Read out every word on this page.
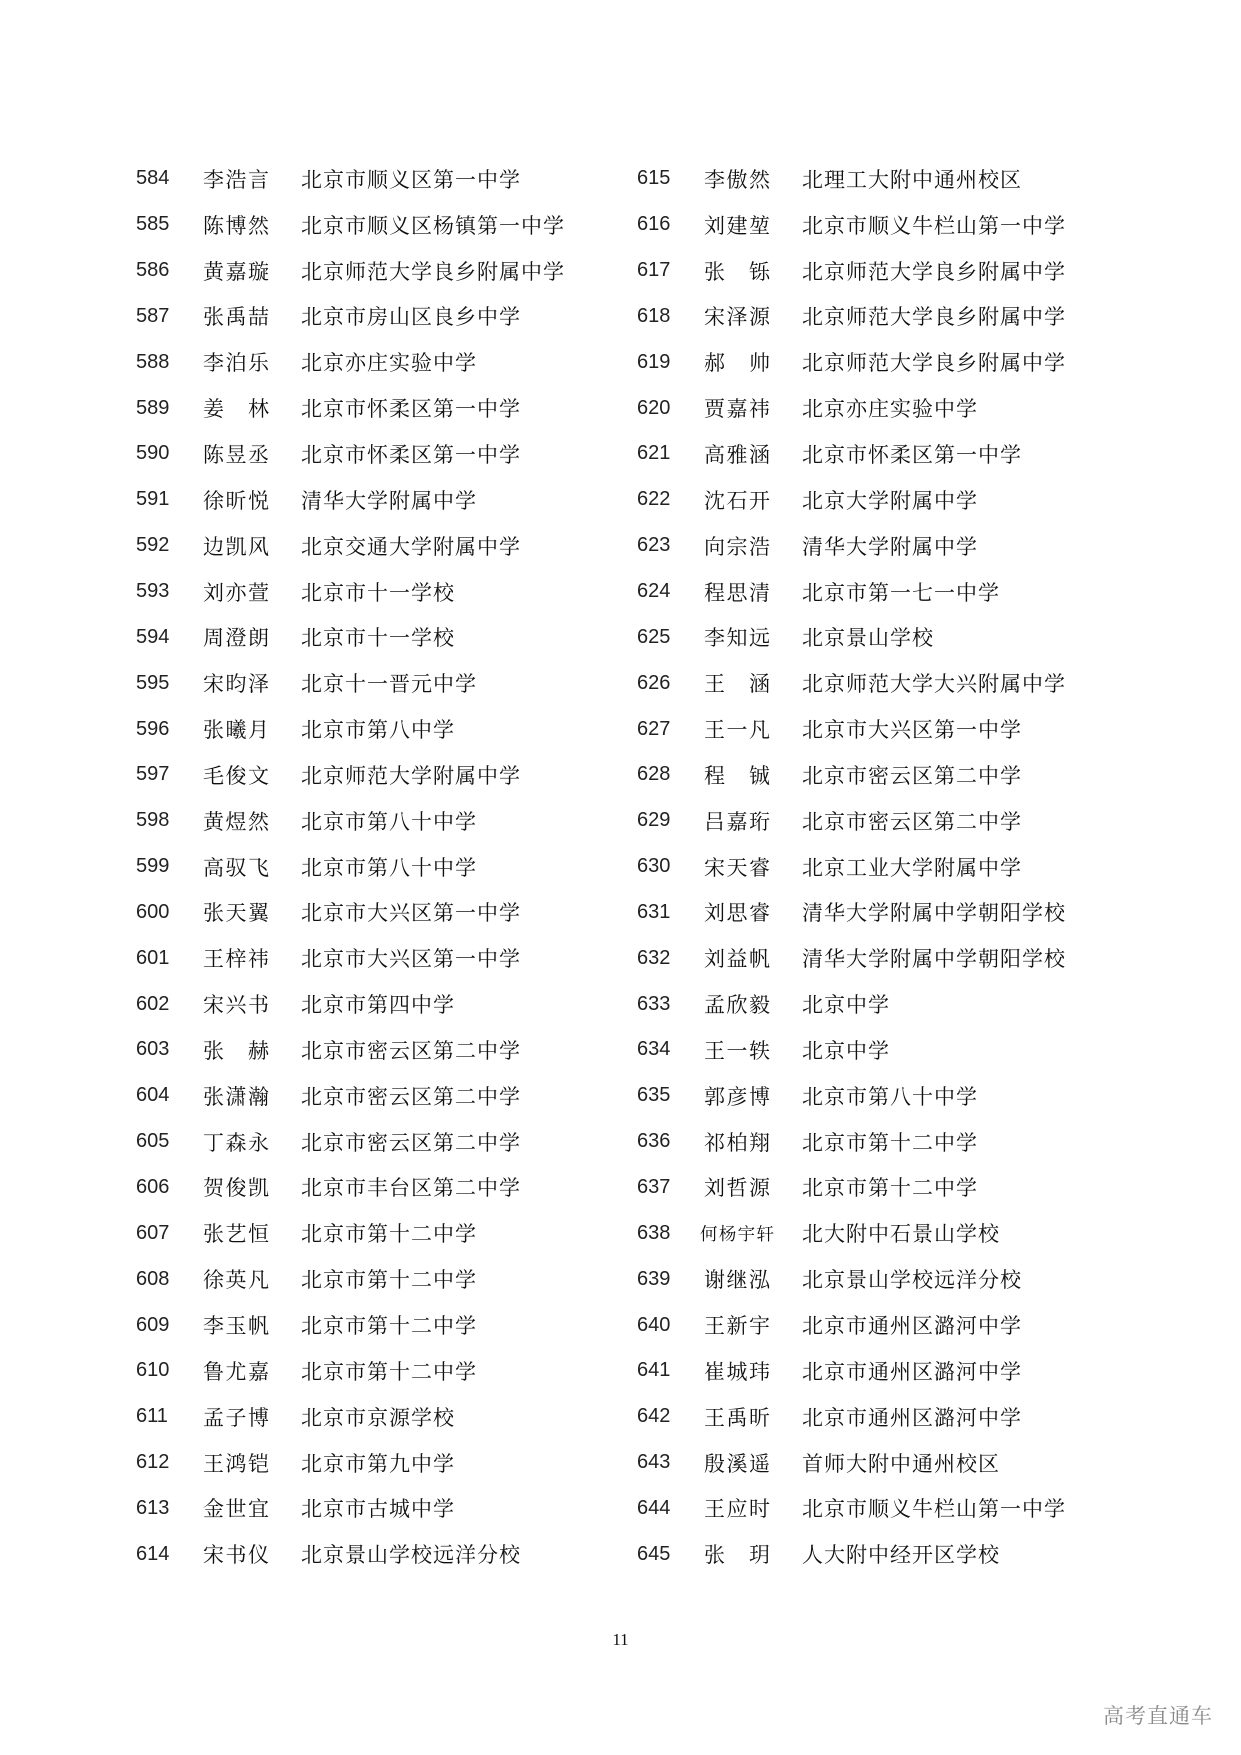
584	李浩言 北京市顺义区第一中学
585	陈博然 北京市顺义区杨镇第一中学
586	黄嘉璇 北京师范大学良乡附属中学
587	张禹喆 北京市房山区良乡中学
588	李泊乐 北京亦庄实验中学
589	姜林 北京市怀柔区第一中学
590	陈昱丞 北京市怀柔区第一中学
591	徐昕悦 清华大学附属中学
592	边凯风 北京交通大学附属中学
593	刘亦萱 北京市十一学校
594	周澄朗 北京市十一学校
595	宋昀泽 北京十一晋元中学
596	张曦月 北京市第八中学
597	毛俊文 北京师范大学附属中学
598	黄煜然 北京市第八十中学
599	高驭飞 北京市第八十中学
600	张天翼 北京市大兴区第一中学
601	王梓祎 北京市大兴区第一中学
602	宋兴书 北京市第四中学
603	张赫 北京市密云区第二中学
604	张潇瀚 北京市密云区第二中学
605	丁森永 北京市密云区第二中学
606	贺俊凯 北京市丰台区第二中学
607	张艺恒 北京市第十二中学
608	徐英凡 北京市第十二中学
609	李玉帆 北京市第十二中学
610	鲁尤嘉 北京市第十二中学
611	孟子博 北京市京源学校
612	王鸿铠 北京市第九中学
613	金世宜 北京市古城中学
614	宋书仪 北京景山学校远洋分校
615	李傲然 北理工大附中通州校区
616	刘建堃 北京市顺义牛栏山第一中学
617	张铄 北京师范大学良乡附属中学
618	宋泽源 北京师范大学良乡附属中学
619	郝帅 北京师范大学良乡附属中学
620	贾嘉祎 北京亦庄实验中学
621	高雅涵 北京市怀柔区第一中学
622	沈石开 北京大学附属中学
623	向宗浩 清华大学附属中学
624	程思清 北京市第一七一中学
625	李知远 北京景山学校
626	王涵 北京师范大学大兴附属中学
627	王一凡 北京市大兴区第一中学
628	程铖 北京市密云区第二中学
629	吕嘉珩 北京市密云区第二中学
630	宋天睿 北京工业大学附属中学
631	刘思睿 清华大学附属中学朝阳学校
632	刘益帆 清华大学附属中学朝阳学校
633	孟欣毅 北京中学
634	王一轶 北京中学
635	郭彦博 北京市第八十中学
636	祁柏翔 北京市第十二中学
637	刘哲源 北京市第十二中学
638	何杨宇轩 北大附中石景山学校
639	谢继泓 北京景山学校远洋分校
640	王新宇 北京市通州区潞河中学
641	崔城玮 北京市通州区潞河中学
642	王禹昕 北京市通州区潞河中学
643	殷溪遥 首师大附中通州校区
644	王应时 北京市顺义牛栏山第一中学
645	张玥 人大附中经开区学校
11
高考直通车
